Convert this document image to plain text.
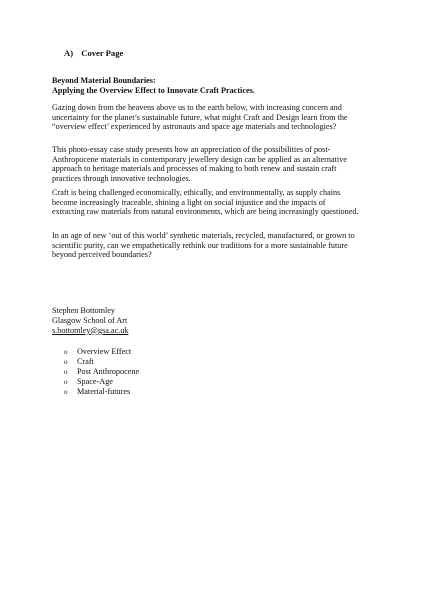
A) Cover Page
Beyond Material Boundaries:
Applying the Overview Effect to Innovate Craft Practices.
Gazing down from the heavens above us to the earth below, with increasing concern and
uncertainty for the planet’s sustainable future, what might Craft and Design learn from the
“overview effect’ experienced by astronauts and space age materials and technologies?
This photo-essay case study presents how an appreciation of the possibilities of post-
Anthropocene materials in contemporary jewellery design can be applied as an alternative
approach to heritage materials and processes of making to both renew and sustain craft
practices through innovative technologies.
Craft is being challenged economically, ethically, and environmentally, as supply chains
become increasingly traceable, shining a light on social injustice and the impacts of
extracting raw materials from natural environments, which are being increasingly questioned.
In an age of new ‘out of this world’ synthetic materials, recycled, manufactured, or grown to
scientific purity, can we empathetically rethink our traditions for a more sustainable future
beyond perceived boundaries?
Stephen Bottomley
Glasgow School of Art
s.bottomley@gsa.ac.uk
o	Overview Effect
o	Craft
o	Post Anthropocene
o	Space-Age
o	Material-futures
